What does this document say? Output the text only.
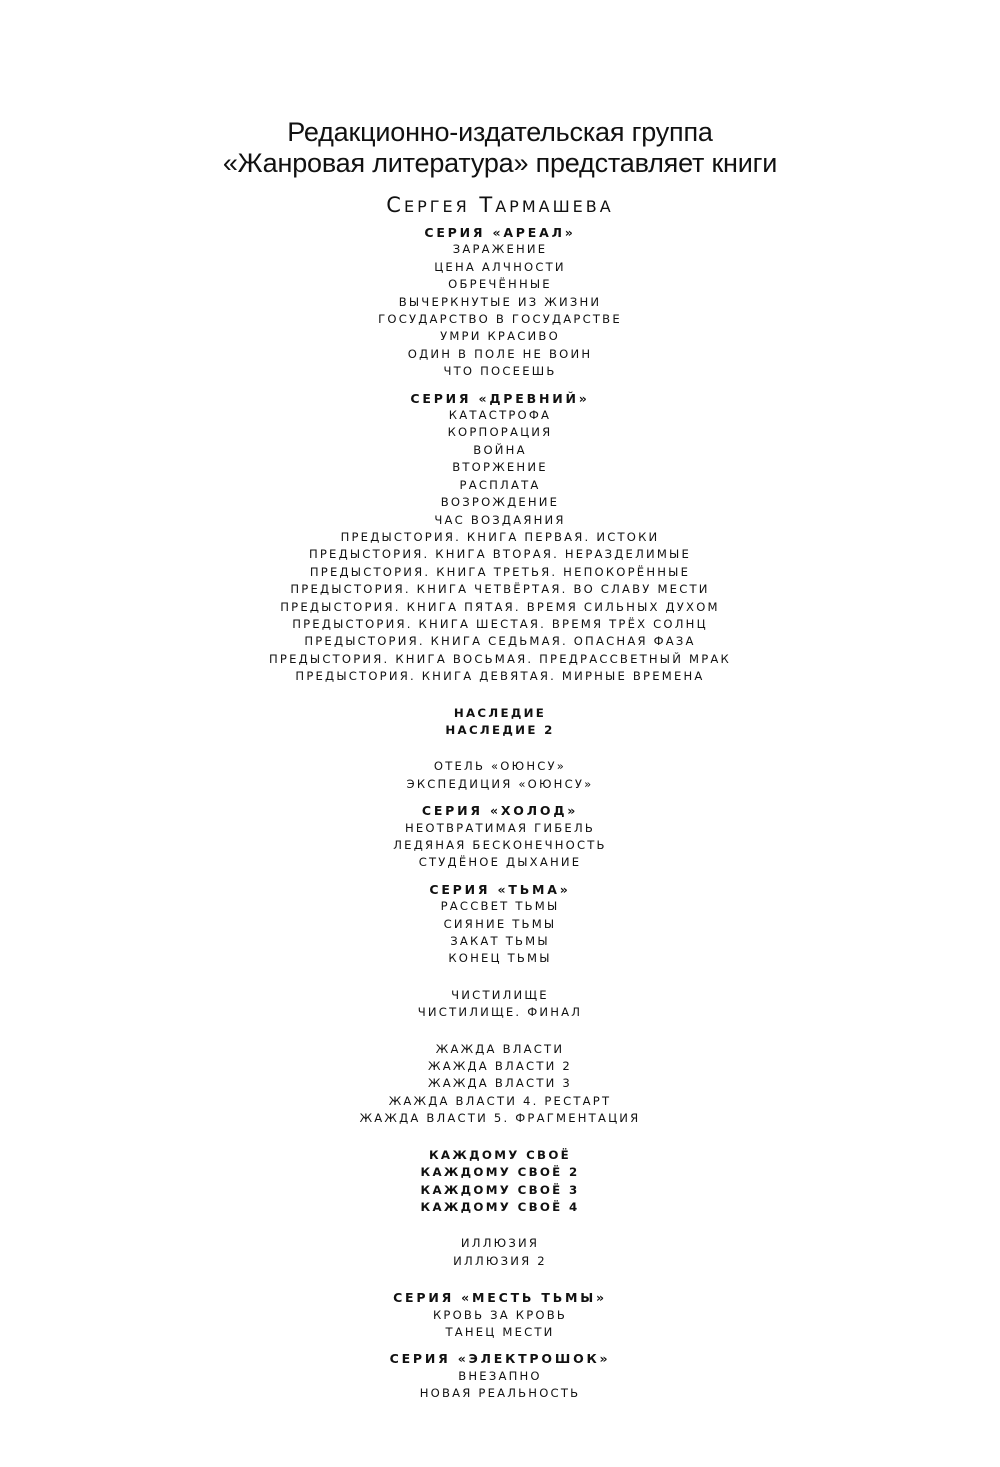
Редакционно-издательская группа

«Жанровая литература» представляет книги

СЕРГЕЯ ТАРМАШЕВА
СЕРИЯ «АРЕАЛ»
ЗАРАЖЕНИЕ
ЦЕНА АЛЧНОСТИ
ОБРЕЧЁННЫЕ
ВЫЧЕРКНУТЫЕ ИЗ ЖИЗНИ
ГОСУДАРСТВО В ГОСУДАРСТВЕ
УМРИ КРАСИВО
ОДИН В ПОЛЕ НЕ ВОИН
ЧТО ПОСЕЕШЬ
СЕРИЯ «ДРЕВНИЙ»
КАТАСТРОФА
КОРПОРАЦИЯ
ВОЙНА
ВТОРЖЕНИЕ
РАСПЛАТА
ВОЗРОЖДЕНИЕ
ЧАС ВОЗДАЯНИЯ
ПРЕДЫСТОРИЯ. КНИГА ПЕРВАЯ. ИСТОКИ
ПРЕДЫСТОРИЯ. КНИГА ВТОРАЯ. НЕРАЗДЕЛИМЫЕ
ПРЕДЫСТОРИЯ. КНИГА ТРЕТЬЯ. НЕПОКОРЁННЫЕ
ПРЕДЫСТОРИЯ. КНИГА ЧЕТВЁРТАЯ. ВО СЛАВУ МЕСТИ
ПРЕДЫСТОРИЯ. КНИГА ПЯТАЯ. ВРЕМЯ СИЛЬНЫХ ДУХОМ
ПРЕДЫСТОРИЯ. КНИГА ШЕСТАЯ. ВРЕМЯ ТРЁХ СОЛНЦ
ПРЕДЫСТОРИЯ. КНИГА СЕДЬМАЯ. ОПАСНАЯ ФАЗА
ПРЕДЫСТОРИЯ. КНИГА ВОСЬМАЯ. ПРЕДРАССВЕТНЫЙ МРАК
ПРЕДЫСТОРИЯ. КНИГА ДЕВЯТАЯ. МИРНЫЕ ВРЕМЕНА
НАСЛЕДИЕ
НАСЛЕДИЕ 2
ОТЕЛЬ «ОЮНСУ»
ЭКСПЕДИЦИЯ «ОЮНСУ»
СЕРИЯ «ХОЛОД»
НЕОТВРАТИМАЯ ГИБЕЛЬ
ЛЕДЯНАЯ БЕСКОНЕЧНОСТЬ
СТУДЁНОЕ ДЫХАНИЕ
СЕРИЯ «ТЬМА»
РАССВЕТ ТЬМЫ
СИЯНИЕ ТЬМЫ
ЗАКАТ ТЬМЫ
КОНЕЦ ТЬМЫ
ЧИСТИЛИЩЕ
ЧИСТИЛИЩЕ. ФИНАЛ
ЖАЖДА ВЛАСТИ
ЖАЖДА ВЛАСТИ 2
ЖАЖДА ВЛАСТИ 3
ЖАЖДА ВЛАСТИ 4. РЕСТАРТ
ЖАЖДА ВЛАСТИ 5. ФРАГМЕНТАЦИЯ
КАЖДОМУ СВОЁ
КАЖДОМУ СВОЁ 2
КАЖДОМУ СВОЁ 3
КАЖДОМУ СВОЁ 4
ИЛЛЮЗИЯ
ИЛЛЮЗИЯ 2
СЕРИЯ «МЕСТЬ ТЬМЫ»
КРОВЬ ЗА КРОВЬ
ТАНЕЦ МЕСТИ
СЕРИЯ «ЭЛЕКТРОШОК»
ВНЕЗАПНО
НОВАЯ РЕАЛЬНОСТЬ
